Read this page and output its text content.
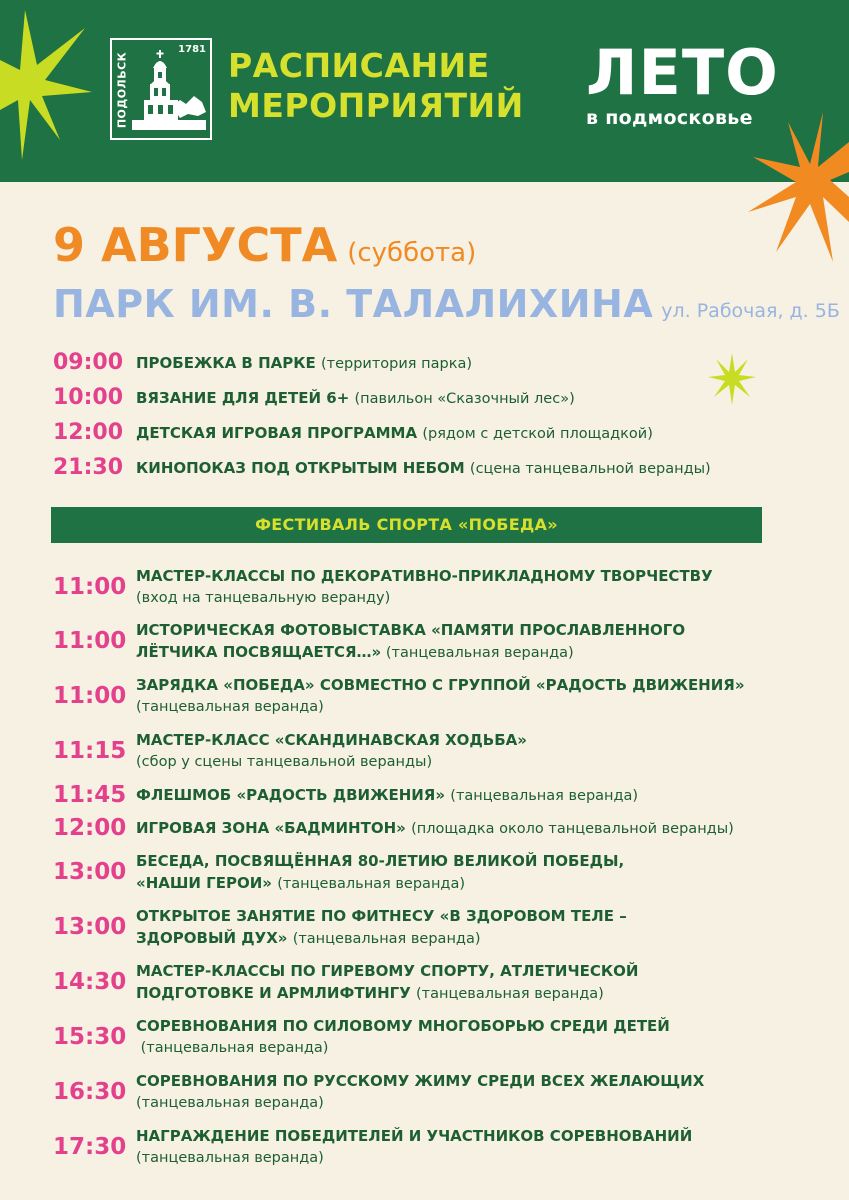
ПОДОЛЬСК
1781 РАСПИСАНИЕ
МЕРОПРИЯТИЙ ЛЕТО
в подмосковье
9 АВГУСТА (суббота)
ПАРК ИМ. В. ТАЛАЛИХИНА ул. Рабочая, д. 5Б
09:00 ПРОБЕЖКА В ПАРКЕ (территория парка)
10:00 ВЯЗАНИЕ ДЛЯ ДЕТЕЙ 6+ (павильон «Сказочный лес»)
12:00 ДЕТСКАЯ ИГРОВАЯ ПРОГРАММА (рядом с детской площадкой)
21:30 КИНОПОКАЗ ПОД ОТКРЫТЫМ НЕБОМ (сцена танцевальной веранды)
ФЕСТИВАЛЬ СПОРТА «ПОБЕДА»
11:00 МАСТЕР-КЛАССЫ ПО ДЕКОРАТИВНО-ПРИКЛАДНОМУ ТВОРЧЕСТВУ
(вход на танцевальную веранду)
11:00 ИСТОРИЧЕСКАЯ ФОТОВЫСТАВКА «ПАМЯТИ ПРОСЛАВЛЕННОГО
ЛЁТЧИКА ПОСВЯЩАЕТСЯ…» (танцевальная веранда)
11:00 ЗАРЯДКА «ПОБЕДА» СОВМЕСТНО С ГРУППОЙ «РАДОСТЬ ДВИЖЕНИЯ»
(танцевальная веранда)
11:15 МАСТЕР-КЛАСС «СКАНДИНАВСКАЯ ХОДЬБА»
(сбор у сцены танцевальной веранды)
11:45 ФЛЕШМОБ «РАДОСТЬ ДВИЖЕНИЯ» (танцевальная веранда)
12:00 ИГРОВАЯ ЗОНА «БАДМИНТОН» (площадка около танцевальной веранды)
13:00 БЕСЕДА, ПОСВЯЩЁННАЯ 80-ЛЕТИЮ ВЕЛИКОЙ ПОБЕДЫ,
«НАШИ ГЕРОИ» (танцевальная веранда)
13:00 ОТКРЫТОЕ ЗАНЯТИЕ ПО ФИТНЕСУ «В ЗДОРОВОМ ТЕЛЕ –
ЗДОРОВЫЙ ДУХ» (танцевальная веранда)
14:30 МАСТЕР-КЛАССЫ ПО ГИРЕВОМУ СПОРТУ, АТЛЕТИЧЕСКОЙ
ПОДГОТОВКЕ И АРМЛИФТИНГУ (танцевальная веранда)
15:30 СОРЕВНОВАНИЯ ПО СИЛОВОМУ МНОГОБОРЬЮ СРЕДИ ДЕТЕЙ
(танцевальная веранда)
16:30 СОРЕВНОВАНИЯ ПО РУССКОМУ ЖИМУ СРЕДИ ВСЕХ ЖЕЛАЮЩИХ
(танцевальная веранда)
17:30 НАГРАЖДЕНИЕ ПОБЕДИТЕЛЕЙ И УЧАСТНИКОВ СОРЕВНОВАНИЙ
(танцевальная веранда)
